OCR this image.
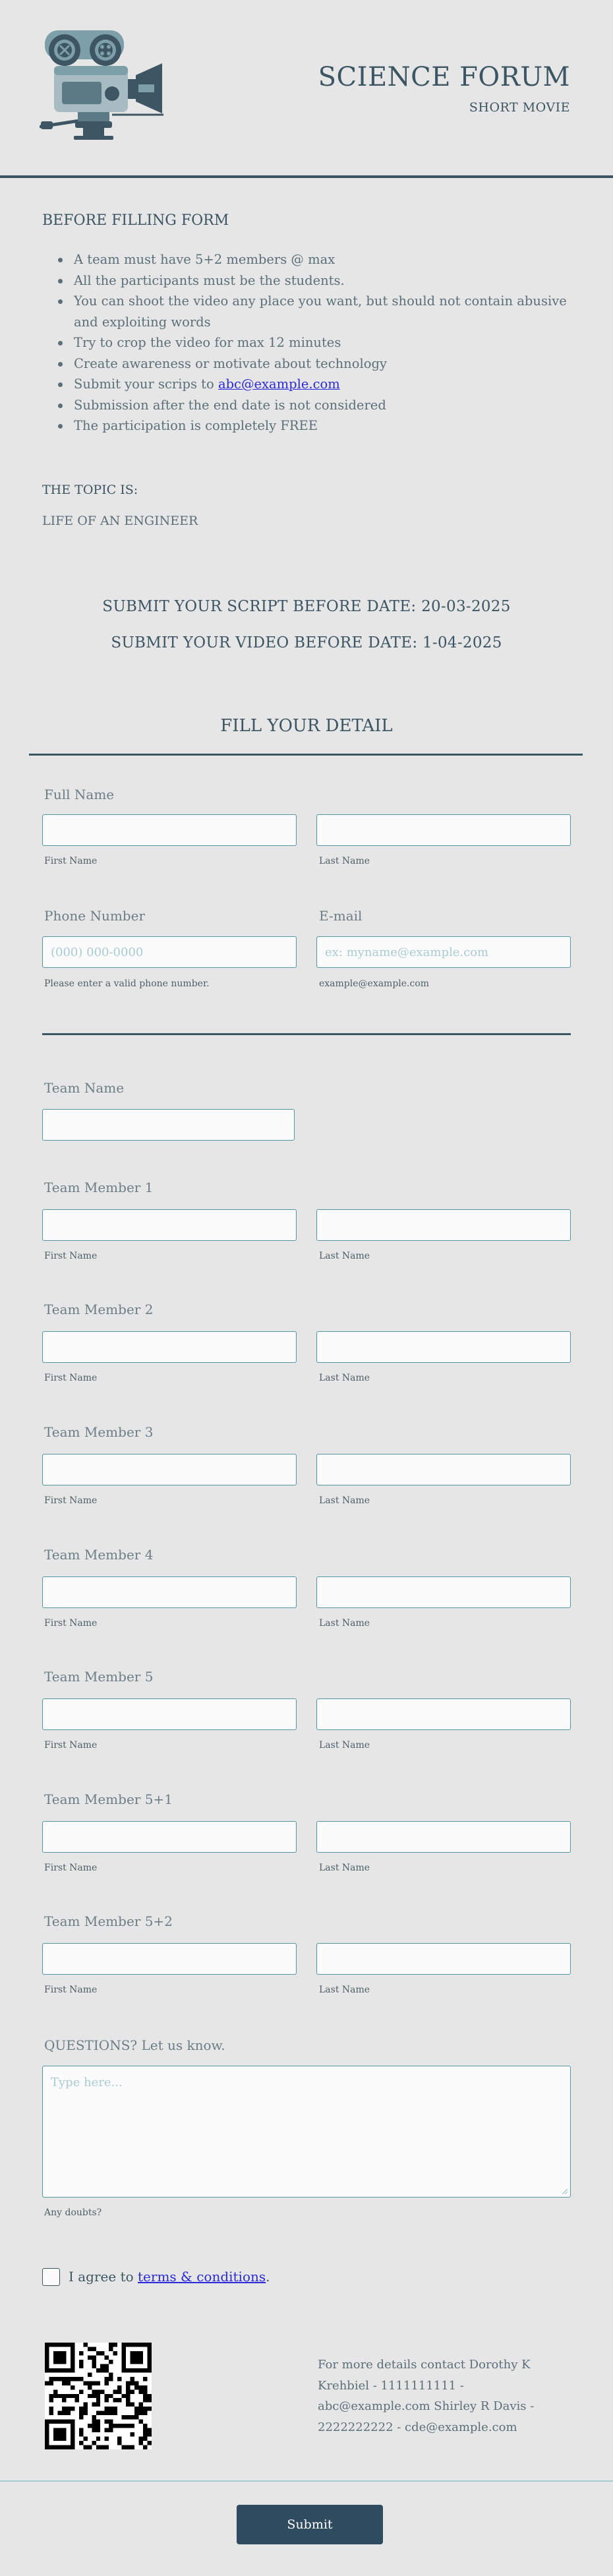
SCIENCE FORUM
SHORT MOVIE
BEFORE FILLING FORM
A team must have 5+2 members @ max
All the participants must be the students.
You can shoot the video any place you want, but should not contain abusive and exploiting words
Try to crop the video for max 12 minutes
Create awareness or motivate about technology
Submit your scrips to abc@example.com
Submission after the end date is not considered
The participation is completely FREE
THE TOPIC IS:
LIFE OF AN ENGINEER
SUBMIT YOUR SCRIPT BEFORE DATE: 20-03-2025
SUBMIT YOUR VIDEO BEFORE DATE: 1-04-2025
FILL YOUR DETAIL
Full Name
First Name	Last Name
Phone Number	E-mail
(000) 000-0000
ex: myname@example.com
Please enter a valid phone number.	example@example.com
Team Name
Team Member 1
First Name	Last Name
Team Member 2
First Name	Last Name
Team Member 3
First Name	Last Name
Team Member 4
First Name	Last Name
Team Member 5
First Name	Last Name
Team Member 5+1
First Name	Last Name
Team Member 5+2
First Name	Last Name
QUESTIONS? Let us know.
Type here...
Any doubts?
I agree to terms & conditions.
For more details contact Dorothy K Krehbiel - 1111111111 - abc@example.com Shirley R Davis - 2222222222 - cde@example.com
Submit
